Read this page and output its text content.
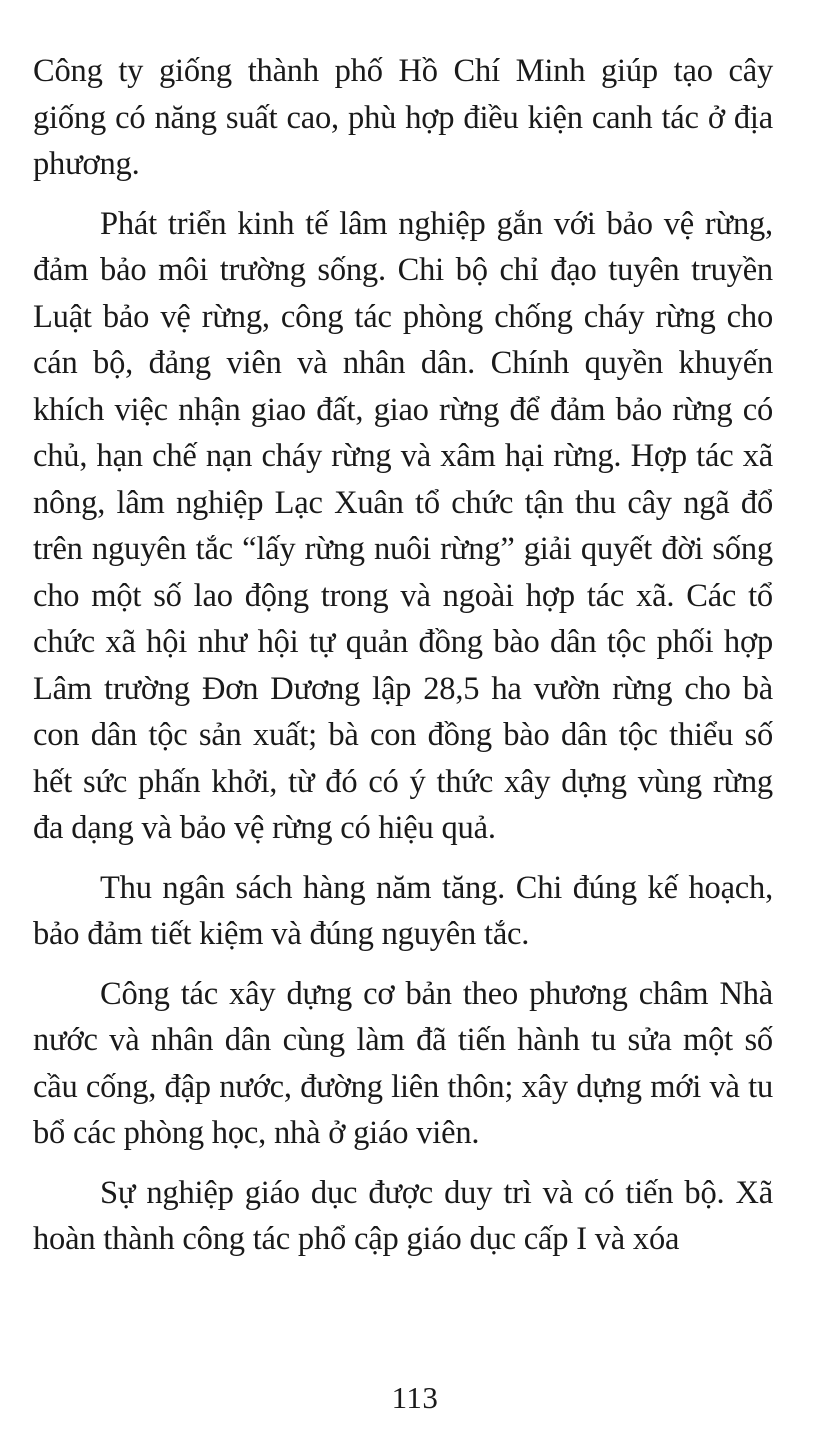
Công ty giống thành phố Hồ Chí Minh giúp tạo cây giống có năng suất cao, phù hợp điều kiện canh tác ở địa phương.

Phát triển kinh tế lâm nghiệp gắn với bảo vệ rừng, đảm bảo môi trường sống. Chi bộ chỉ đạo tuyên truyền Luật bảo vệ rừng, công tác phòng chống cháy rừng cho cán bộ, đảng viên và nhân dân. Chính quyền khuyến khích việc nhận giao đất, giao rừng để đảm bảo rừng có chủ, hạn chế nạn cháy rừng và xâm hại rừng. Hợp tác xã nông, lâm nghiệp Lạc Xuân tổ chức tận thu cây ngã đổ trên nguyên tắc “lấy rừng nuôi rừng” giải quyết đời sống cho một số lao động trong và ngoài hợp tác xã. Các tổ chức xã hội như hội tự quản đồng bào dân tộc phối hợp Lâm trường Đơn Dương lập 28,5 ha vườn rừng cho bà con dân tộc sản xuất; bà con đồng bào dân tộc thiểu số hết sức phấn khởi, từ đó có ý thức xây dựng vùng rừng đa dạng và bảo vệ rừng có hiệu quả.

Thu ngân sách hàng năm tăng. Chi đúng kế hoạch, bảo đảm tiết kiệm và đúng nguyên tắc.

Công tác xây dựng cơ bản theo phương châm Nhà nước và nhân dân cùng làm đã tiến hành tu sửa một số cầu cống, đập nước, đường liên thôn; xây dựng mới và tu bổ các phòng học, nhà ở giáo viên.

Sự nghiệp giáo dục được duy trì và có tiến bộ. Xã hoàn thành công tác phổ cập giáo dục cấp I và xóa

113
